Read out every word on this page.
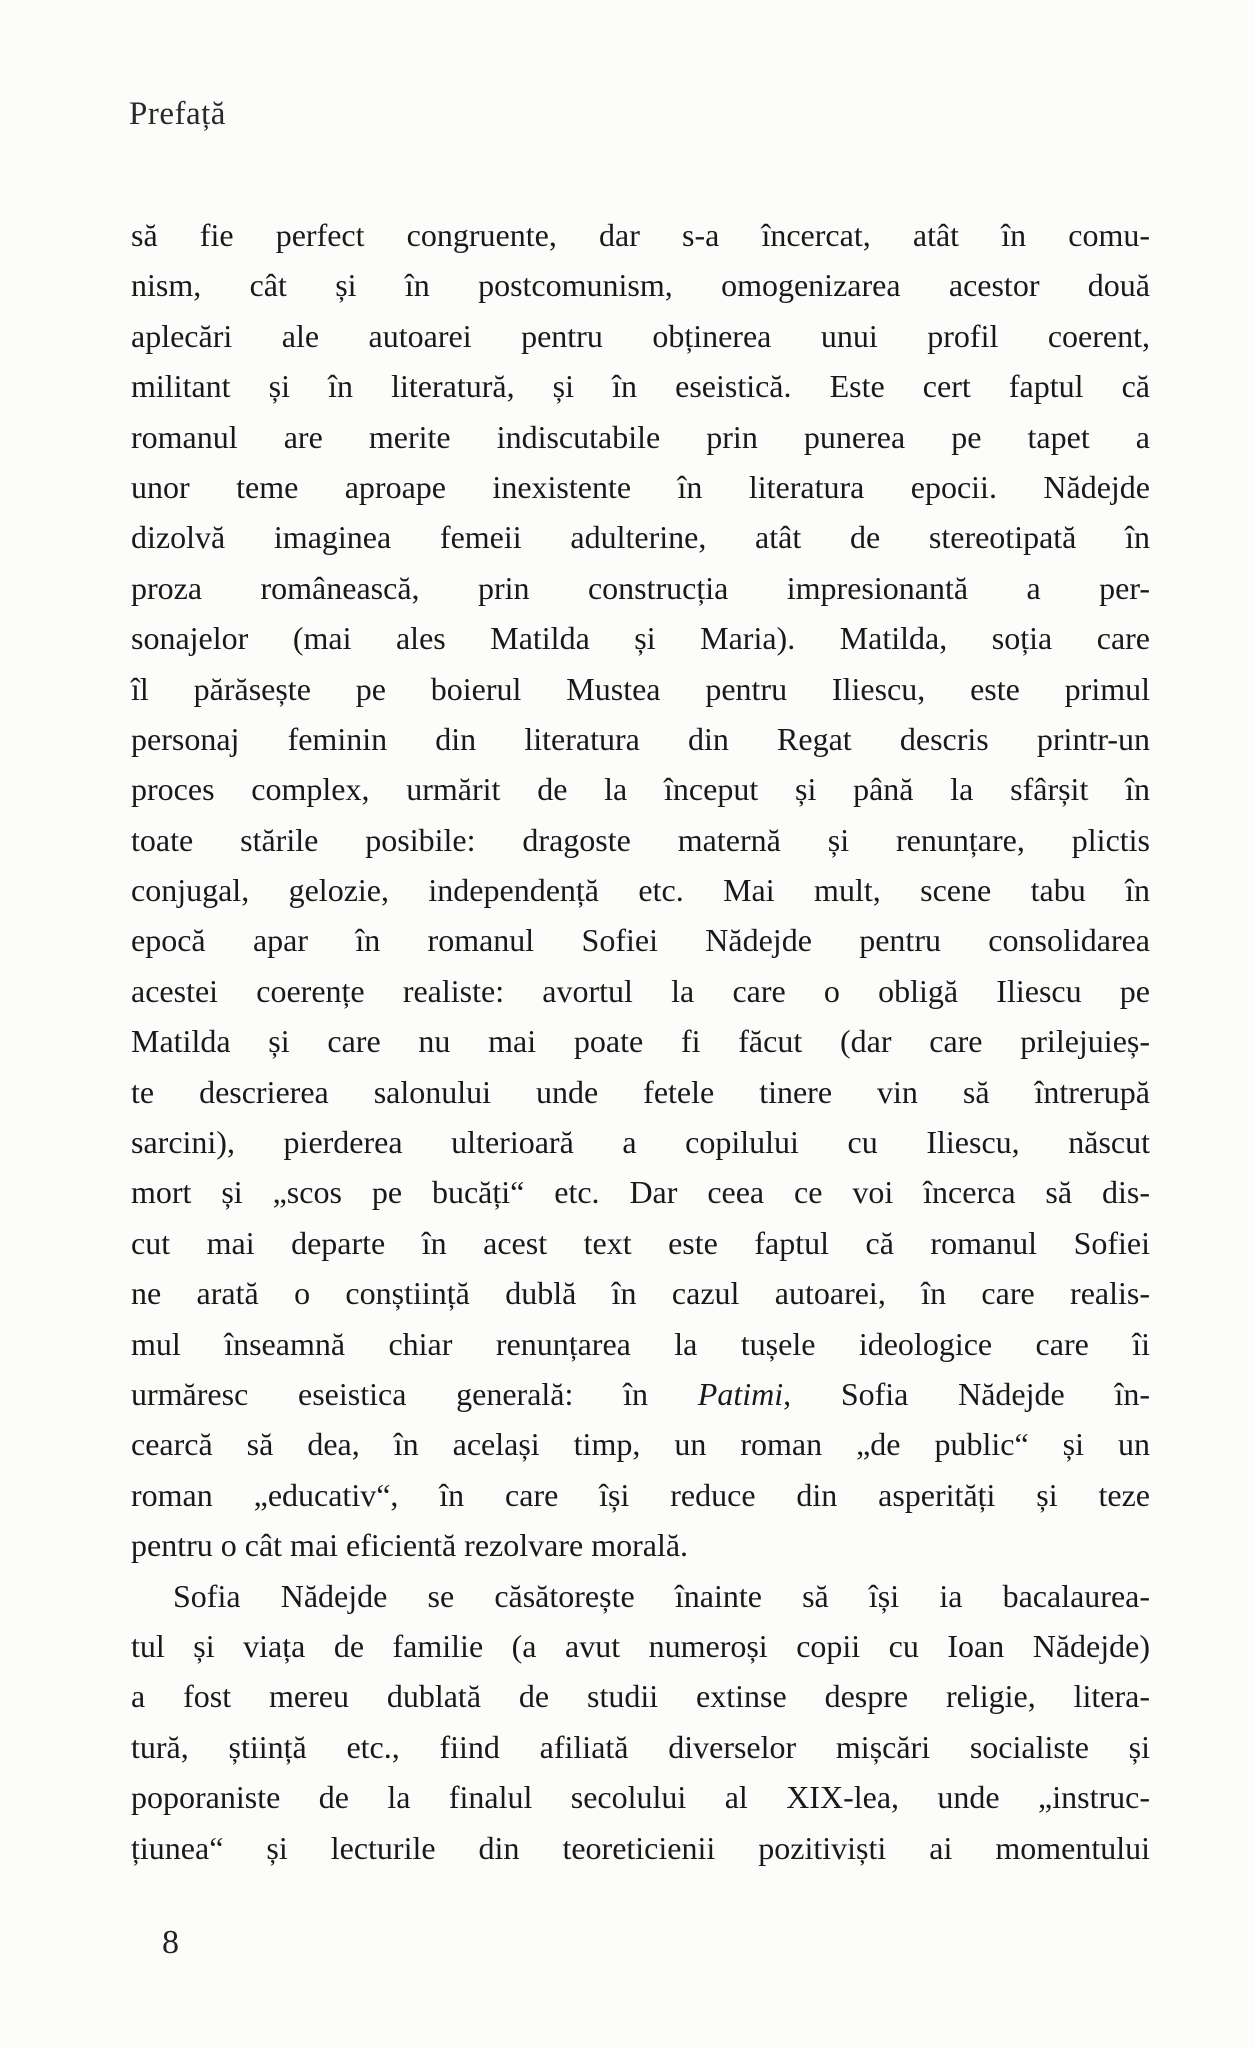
Prefață
să fie perfect congruente, dar s-a încercat, atât în comu-
nism, cât și în postcomunism, omogenizarea acestor două
aplecări ale autoarei pentru obținerea unui profil coerent,
militant și în literatură, și în eseistică. Este cert faptul că
romanul are merite indiscutabile prin punerea pe tapet a
unor teme aproape inexistente în literatura epocii. Nădejde
dizolvă imaginea femeii adulterine, atât de stereotipată în
proza românească, prin construcția impresionantă a per-
sonajelor (mai ales Matilda și Maria). Matilda, soția care
îl părăsește pe boierul Mustea pentru Iliescu, este primul
personaj feminin din literatura din Regat descris printr-un
proces complex, urmărit de la început și până la sfârșit în
toate stările posibile: dragoste maternă și renunțare, plictis
conjugal, gelozie, independență etc. Mai mult, scene tabu în
epocă apar în romanul Sofiei Nădejde pentru consolidarea
acestei coerențe realiste: avortul la care o obligă Iliescu pe
Matilda și care nu mai poate fi făcut (dar care prilejuieș-
te descrierea salonului unde fetele tinere vin să întrerupă
sarcini), pierderea ulterioară a copilului cu Iliescu, născut
mort și „scos pe bucăți“ etc. Dar ceea ce voi încerca să dis-
cut mai departe în acest text este faptul că romanul Sofiei
ne arată o conștiință dublă în cazul autoarei, în care realis-
mul înseamnă chiar renunțarea la tușele ideologice care îi
urmăresc eseistica generală: în Patimi, Sofia Nădejde în-
cearcă să dea, în același timp, un roman „de public“ și un
roman „educativ“, în care își reduce din asperități și teze
pentru o cât mai eficientă rezolvare morală.
Sofia Nădejde se căsătorește înainte să își ia bacalaurea-
tul și viața de familie (a avut numeroși copii cu Ioan Nădejde)
a fost mereu dublată de studii extinse despre religie, litera-
tură, știință etc., fiind afiliată diverselor mișcări socialiste și
poporaniste de la finalul secolului al XIX-lea, unde „instruc-
țiunea“ și lecturile din teoreticienii pozitiviști ai momentului
8
